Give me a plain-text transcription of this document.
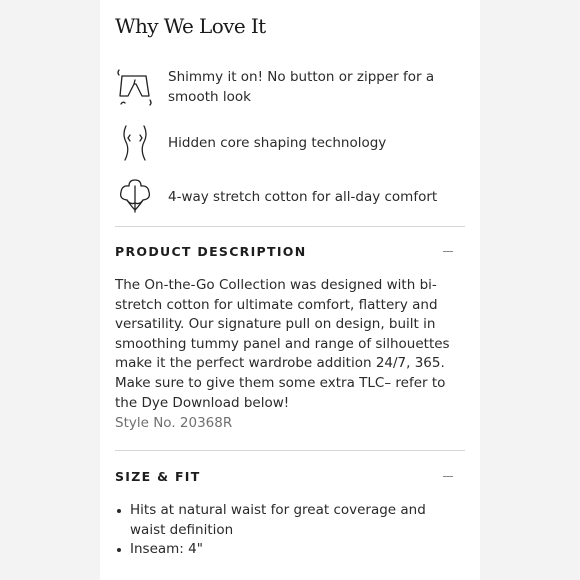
Why We Love It
Shimmy it on! No button or zipper for a smooth look
Hidden core shaping technology
4-way stretch cotton for all-day comfort
PRODUCT DESCRIPTION

The On-the-Go Collection was designed with bi-stretch cotton for ultimate comfort, flattery and versatility. Our signature pull on design, built in smoothing tummy panel and range of silhouettes make it the perfect wardrobe addition 24/7, 365. Make sure to give them some extra TLC– refer to the Dye Download below!

Style No. 20368R
SIZE & FIT
Hits at natural waist for great coverage and waist definition
Inseam: 4"
